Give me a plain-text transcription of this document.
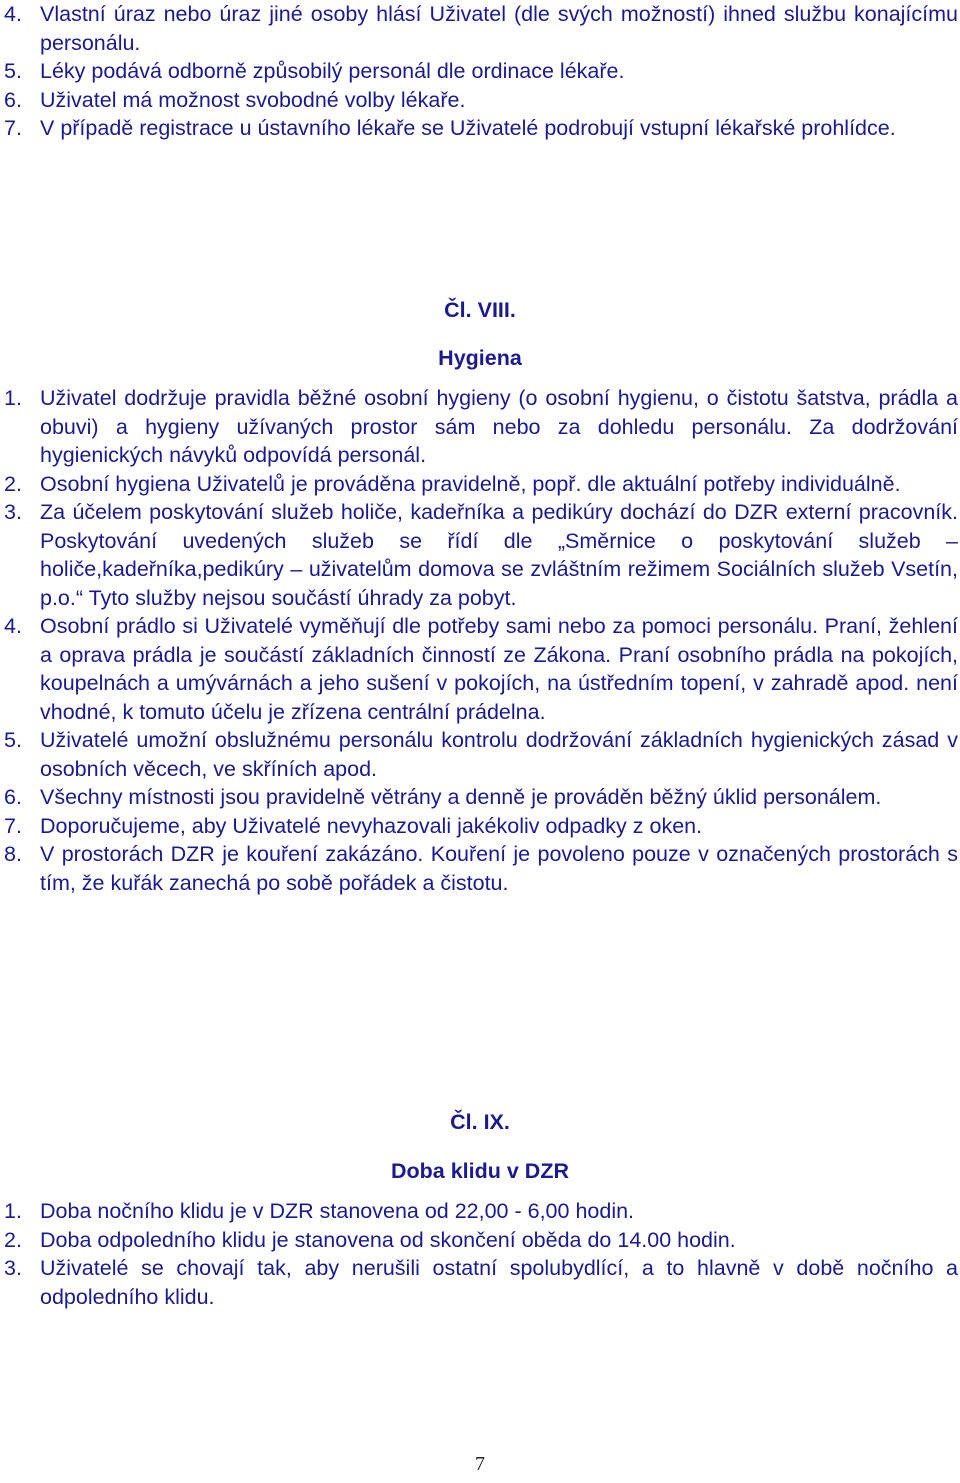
4. Vlastní úraz nebo úraz jiné osoby hlásí Uživatel (dle svých možností) ihned službu konajícímu personálu.
5. Léky podává odborně způsobilý personál dle ordinace lékaře.
6. Uživatel má možnost svobodné volby lékaře.
7. V případě registrace u ústavního lékaře se Uživatelé podrobují vstupní lékařské prohlídce.
Čl. VIII.
Hygiena
1. Uživatel dodržuje pravidla běžné osobní hygieny (o osobní hygienu, o čistotu šatstva, prádla a obuvi) a hygieny užívaných prostor sám nebo za dohledu personálu. Za dodržování hygienických návyků odpovídá personál.
2. Osobní hygiena Uživatelů je prováděna pravidelně, popř. dle aktuální potřeby individuálně.
3. Za účelem poskytování služeb holiče, kadeřníka a pedikúry dochází do DZR externí pracovník. Poskytování uvedených služeb se řídí dle „Směrnice o poskytování služeb – holiče,kadeřníka,pedikúry – uživatelům domova se zvláštním režimem Sociálních služeb Vsetín, p.o.“ Tyto služby nejsou součástí úhrady za pobyt.
4. Osobní prádlo si Uživatelé vyměňují dle potřeby sami nebo za pomoci personálu. Praní, žehlení a oprava prádla je součástí základních činností ze Zákona. Praní osobního prádla na pokojích, koupelnách a umývárnách a jeho sušení v pokojích, na ústředním topení, v zahradě apod. není vhodné, k tomuto účelu je zřízena centrální prádelna.
5. Uživatelé umožní obslužnému personálu kontrolu dodržování základních hygienických zásad v osobních věcech, ve skříních apod.
6. Všechny místnosti jsou pravidelně větrány a denně je prováděn běžný úklid personálem.
7. Doporučujeme, aby Uživatelé nevyhazovali jakékoliv odpadky z oken.
8. V prostorách DZR je kouření zakázáno. Kouření je povoleno pouze v označených prostorách s tím, že kuřák zanechá po sobě pořádek a čistotu.
Čl. IX.
Doba klidu v DZR
1. Doba nočního klidu je v DZR stanovena od 22,00 - 6,00 hodin.
2. Doba odpoledního klidu je stanovena od skončení oběda do 14.00 hodin.
3. Uživatelé se chovají tak, aby nerušili ostatní spolubydlící, a to hlavně v době nočního a odpoledního klidu.
7
